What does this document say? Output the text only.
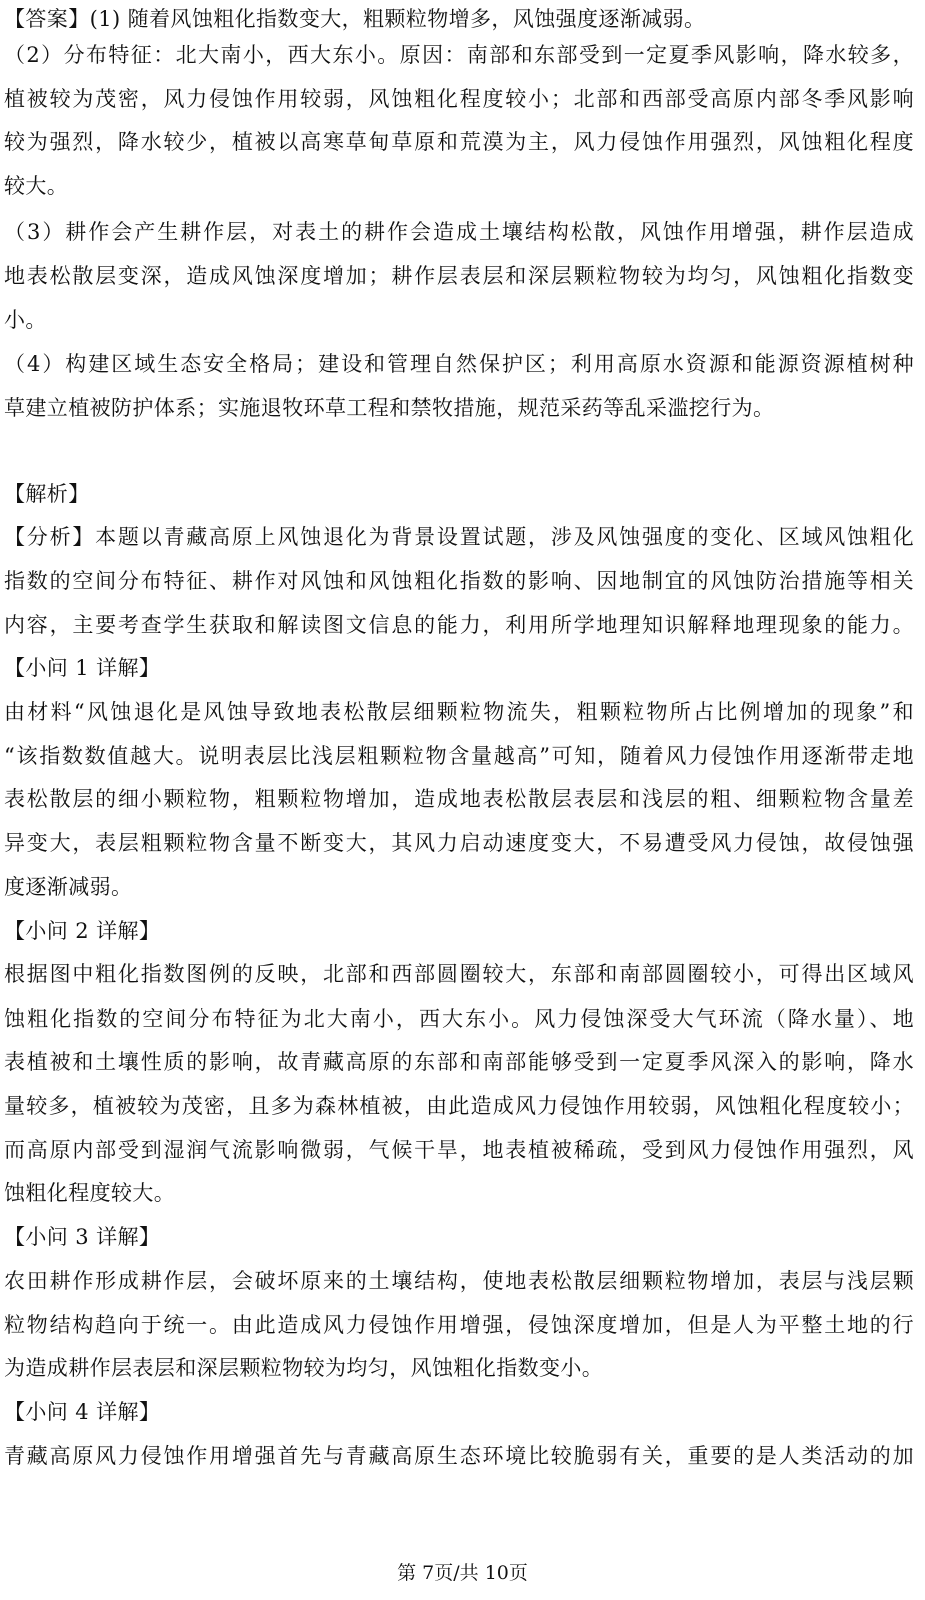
【答案】(1) 随着风蚀粗化指数变大，粗颗粒物增多，风蚀强度逐渐减弱。
（2）分布特征：北大南小，西大东小。原因：南部和东部受到一定夏季风影响，降水较多，
植被较为茂密，风力侵蚀作用较弱，风蚀粗化程度较小；北部和西部受高原内部冬季风影响
较为强烈，降水较少，植被以高寒草甸草原和荒漠为主，风力侵蚀作用强烈，风蚀粗化程度
较大。
（3）耕作会产生耕作层，对表土的耕作会造成土壤结构松散，风蚀作用增强，耕作层造成
地表松散层变深，造成风蚀深度增加；耕作层表层和深层颗粒物较为均匀，风蚀粗化指数变
小。
（4）构建区域生态安全格局；建设和管理自然保护区；利用高原水资源和能源资源植树种
草建立植被防护体系；实施退牧环草工程和禁牧措施，规范采药等乱采滥挖行为。
【解析】
【分析】本题以青藏高原上风蚀退化为背景设置试题，涉及风蚀强度的变化、区域风蚀粗化
指数的空间分布特征、耕作对风蚀和风蚀粗化指数的影响、因地制宜的风蚀防治措施等相关
内容，主要考查学生获取和解读图文信息的能力，利用所学地理知识解释地理现象的能力。
【小问 1 详解】
由材料“风蚀退化是风蚀导致地表松散层细颗粒物流失，粗颗粒物所占比例增加的现象”和
“该指数数值越大。说明表层比浅层粗颗粒物含量越高”可知，随着风力侵蚀作用逐渐带走地
表松散层的细小颗粒物，粗颗粒物增加，造成地表松散层表层和浅层的粗、细颗粒物含量差
异变大，表层粗颗粒物含量不断变大，其风力启动速度变大，不易遭受风力侵蚀，故侵蚀强
度逐渐减弱。
【小问 2 详解】
根据图中粗化指数图例的反映，北部和西部圆圈较大，东部和南部圆圈较小，可得出区域风
蚀粗化指数的空间分布特征为北大南小，西大东小。风力侵蚀深受大气环流（降水量）、地
表植被和土壤性质的影响，故青藏高原的东部和南部能够受到一定夏季风深入的影响，降水
量较多，植被较为茂密，且多为森林植被，由此造成风力侵蚀作用较弱，风蚀粗化程度较小；
而高原内部受到湿润气流影响微弱，气候干旱，地表植被稀疏，受到风力侵蚀作用强烈，风
蚀粗化程度较大。
【小问 3 详解】
农田耕作形成耕作层，会破坏原来的土壤结构，使地表松散层细颗粒物增加，表层与浅层颗
粒物结构趋向于统一。由此造成风力侵蚀作用增强，侵蚀深度增加，但是人为平整土地的行
为造成耕作层表层和深层颗粒物较为均匀，风蚀粗化指数变小。
【小问 4 详解】
青藏高原风力侵蚀作用增强首先与青藏高原生态环境比较脆弱有关，重要的是人类活动的加
第 7页/共 10页
